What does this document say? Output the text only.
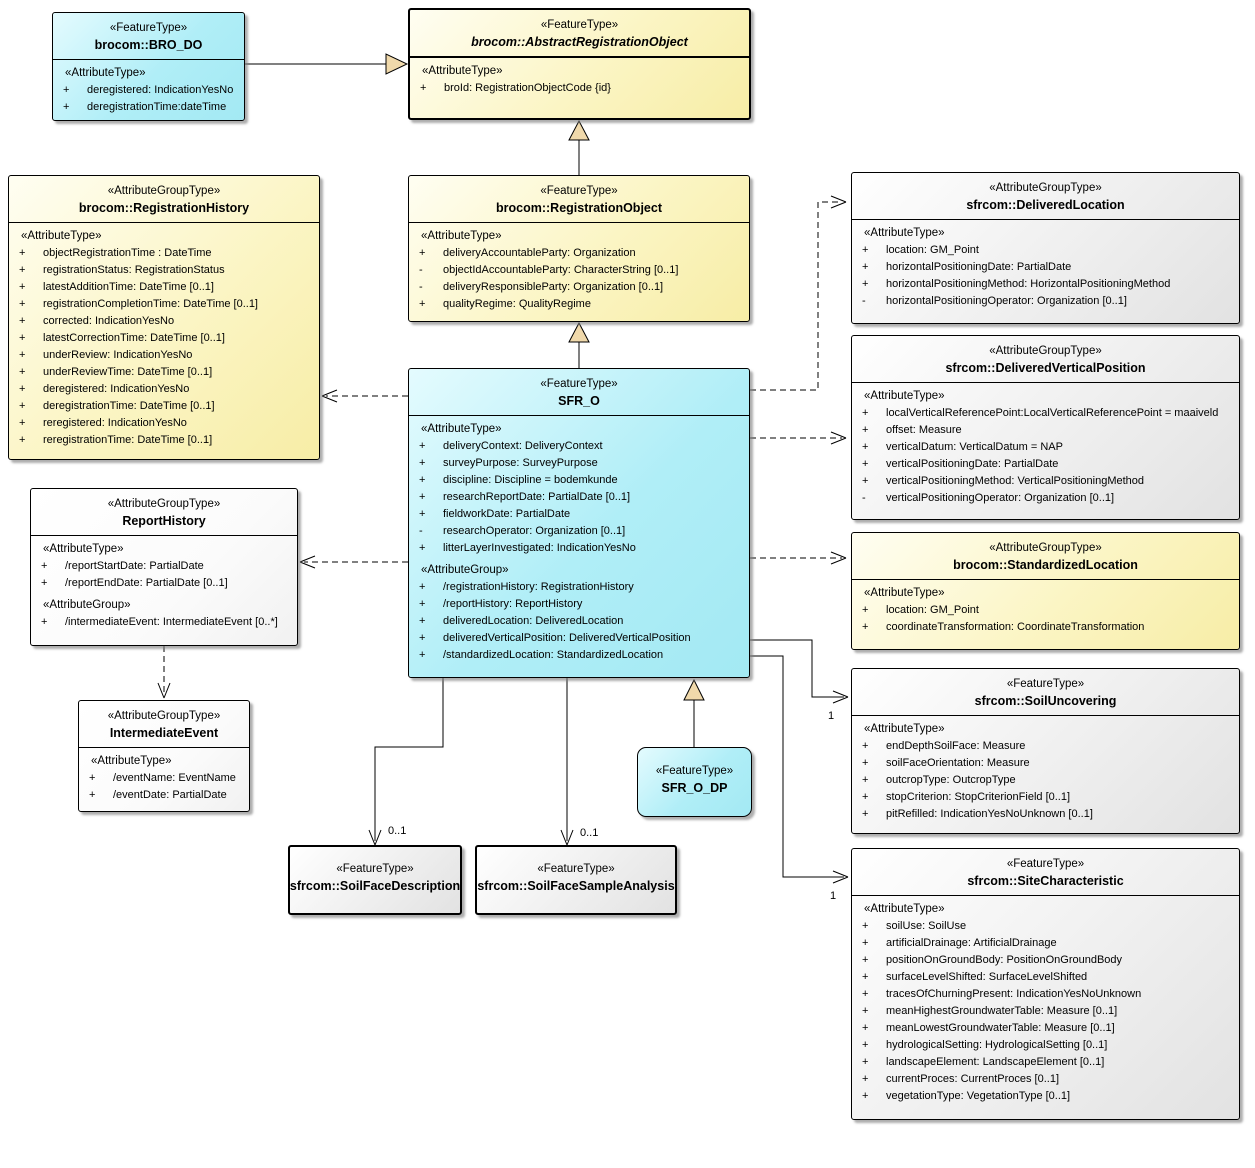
1
1
0..1	0..1
«FeatureType»
brocom::BRO_DO
«AttributeType»
+ deregistered: IndicationYesNo
+ deregistrationTime:dateTime
«FeatureType»
brocom::AbstractRegistrationObject
«AttributeType»
+ broId: RegistrationObjectCode {id}
«AttributeGroupType»
brocom::RegistrationHistory
«AttributeType»
+ objectRegistrationTime : DateTime
+ registrationStatus: RegistrationStatus
+ latestAdditionTime: DateTime [0..1]
+ registrationCompletionTime: DateTime [0..1]
+ corrected: IndicationYesNo
+ latestCorrectionTime: DateTime [0..1]
+ underReview: IndicationYesNo
+ underReviewTime: DateTime [0..1]
+ deregistered: IndicationYesNo
+ deregistrationTime: DateTime [0..1]
+ reregistered: IndicationYesNo
+ reregistrationTime: DateTime [0..1]
«FeatureType»
brocom::RegistrationObject
«AttributeType»
+ deliveryAccountableParty: Organization
- objectIdAccountableParty: CharacterString [0..1]
- deliveryResponsibleParty: Organization [0..1]
+ qualityRegime: QualityRegime
«FeatureType»
SFR_O
«AttributeType»
+ deliveryContext: DeliveryContext
+ surveyPurpose: SurveyPurpose
+ discipline: Discipline = bodemkunde
+ researchReportDate: PartialDate [0..1]
+ fieldworkDate: PartialDate
- researchOperator: Organization [0..1]
+ litterLayerInvestigated: IndicationYesNo
«AttributeGroup»
+ /registrationHistory: RegistrationHistory
+ /reportHistory: ReportHistory
+ deliveredLocation: DeliveredLocation
+ deliveredVerticalPosition: DeliveredVerticalPosition
+ /standardizedLocation: StandardizedLocation
«AttributeGroupType»
sfrcom::DeliveredLocation
«AttributeType»
+ location: GM_Point
+ horizontalPositioningDate: PartialDate
+ horizontalPositioningMethod: HorizontalPositioningMethod
- horizontalPositioningOperator: Organization [0..1]
«AttributeGroupType»
sfrcom::DeliveredVerticalPosition
«AttributeType»
+ localVerticalReferencePoint:LocalVerticalReferencePoint = maaiveld
+ offset: Measure
+ verticalDatum: VerticalDatum = NAP
+ verticalPositioningDate: PartialDate
+ verticalPositioningMethod: VerticalPositioningMethod
- verticalPositioningOperator: Organization [0..1]
«AttributeGroupType»
brocom::StandardizedLocation
«AttributeType»
+ location: GM_Point
+ coordinateTransformation: CoordinateTransformation
«FeatureType»
sfrcom::SoilUncovering
«AttributeType»
+ endDepthSoilFace: Measure
+ soilFaceOrientation: Measure
+ outcropType: OutcropType
+ stopCriterion: StopCriterionField [0..1]
+ pitRefilled: IndicationYesNoUnknown [0..1]
«FeatureType»
sfrcom::SiteCharacteristic
«AttributeType»
+ soilUse: SoilUse
+ artificialDrainage: ArtificialDrainage
+ positionOnGroundBody: PositionOnGroundBody
+ surfaceLevelShifted: SurfaceLevelShifted
+ tracesOfChurningPresent: IndicationYesNoUnknown
+ meanHighestGroundwaterTable: Measure [0..1]
+ meanLowestGroundwaterTable: Measure [0..1]
+ hydrologicalSetting: HydrologicalSetting [0..1]
+ landscapeElement: LandscapeElement [0..1]
+ currentProces: CurrentProces [0..1]
+ vegetationType: VegetationType [0..1]
«AttributeGroupType»
ReportHistory
«AttributeType»
+ /reportStartDate: PartialDate
+ /reportEndDate: PartialDate [0..1]
«AttributeGroup»
+ /intermediateEvent: IntermediateEvent [0..*]
«AttributeGroupType»
IntermediateEvent
«AttributeType»
+ /eventName: EventName
+ /eventDate: PartialDate
«FeatureType»
sfrcom::SoilFaceDescription
«FeatureType»
sfrcom::SoilFaceSampleAnalysis
«FeatureType»
SFR_O_DP
